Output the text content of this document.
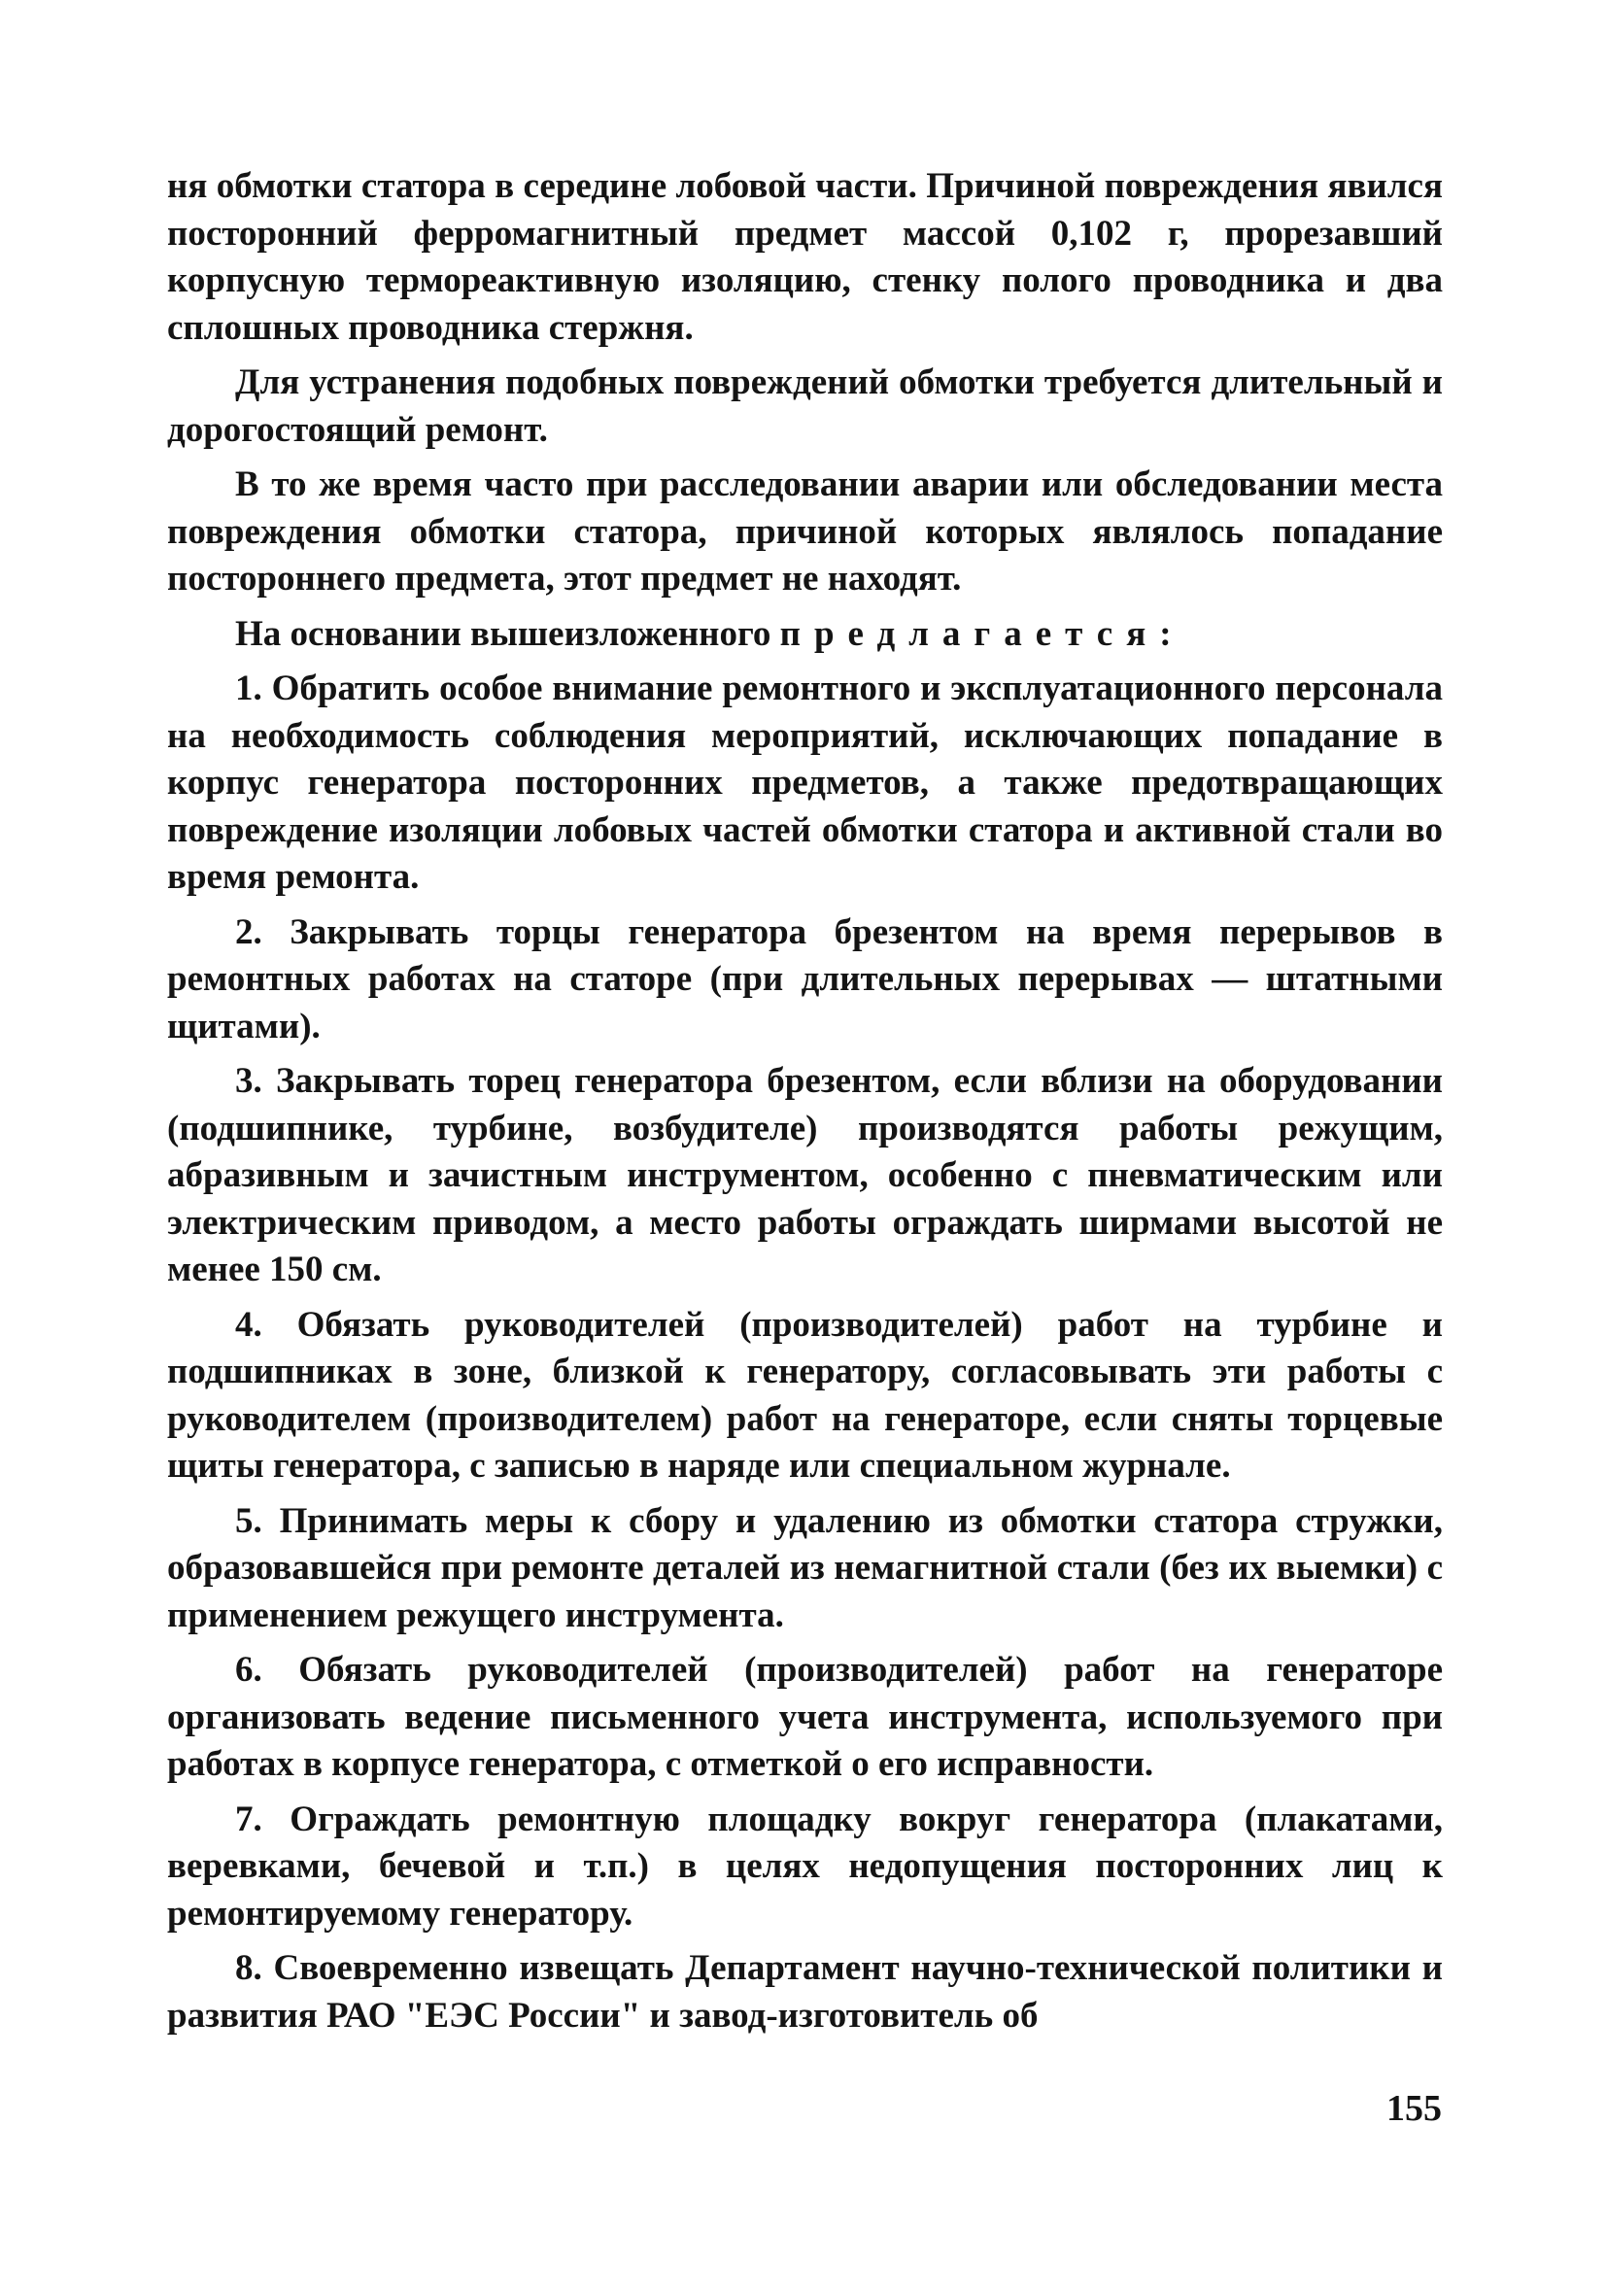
ня обмотки статора в середине лобовой части. Причиной повреждения явился посторонний ферромагнитный предмет массой 0,102 г, прорезавший корпусную термореактивную изоляцию, стенку полого проводника и два сплошных проводника стержня.

Для устранения подобных повреждений обмотки требуется длительный и дорогостоящий ремонт.

В то же время часто при расследовании аварии или обследовании места повреждения обмотки статора, причиной которых являлось попадание постороннего предмета, этот предмет не находят.

На основании вышеизложенного предлагается:

1. Обратить особое внимание ремонтного и эксплуатационного персонала на необходимость соблюдения мероприятий, исключающих попадание в корпус генератора посторонних предметов, а также предотвращающих повреждение изоляции лобовых частей обмотки статора и активной стали во время ремонта.

2. Закрывать торцы генератора брезентом на время перерывов в ремонтных работах на статоре (при длительных перерывах — штатными щитами).

3. Закрывать торец генератора брезентом, если вблизи на оборудовании (подшипнике, турбине, возбудителе) производятся работы режущим, абразивным и зачистным инструментом, особенно с пневматическим или электрическим приводом, а место работы ограждать ширмами высотой не менее 150 см.

4. Обязать руководителей (производителей) работ на турбине и подшипниках в зоне, близкой к генератору, согласовывать эти работы с руководителем (производителем) работ на генераторе, если сняты торцевые щиты генератора, с записью в наряде или специальном журнале.

5. Принимать меры к сбору и удалению из обмотки статора стружки, образовавшейся при ремонте деталей из немагнитной стали (без их выемки) с применением режущего инструмента.

6. Обязать руководителей (производителей) работ на генераторе организовать ведение письменного учета инструмента, используемого при работах в корпусе генератора, с отметкой о его исправности.

7. Ограждать ремонтную площадку вокруг генератора (плакатами, веревками, бечевой и т.п.) в целях недопущения посторонних лиц к ремонтируемому генератору.

8. Своевременно извещать Департамент научно-технической политики и развития РАО "ЕЭС России" и завод-изготовитель об

155
